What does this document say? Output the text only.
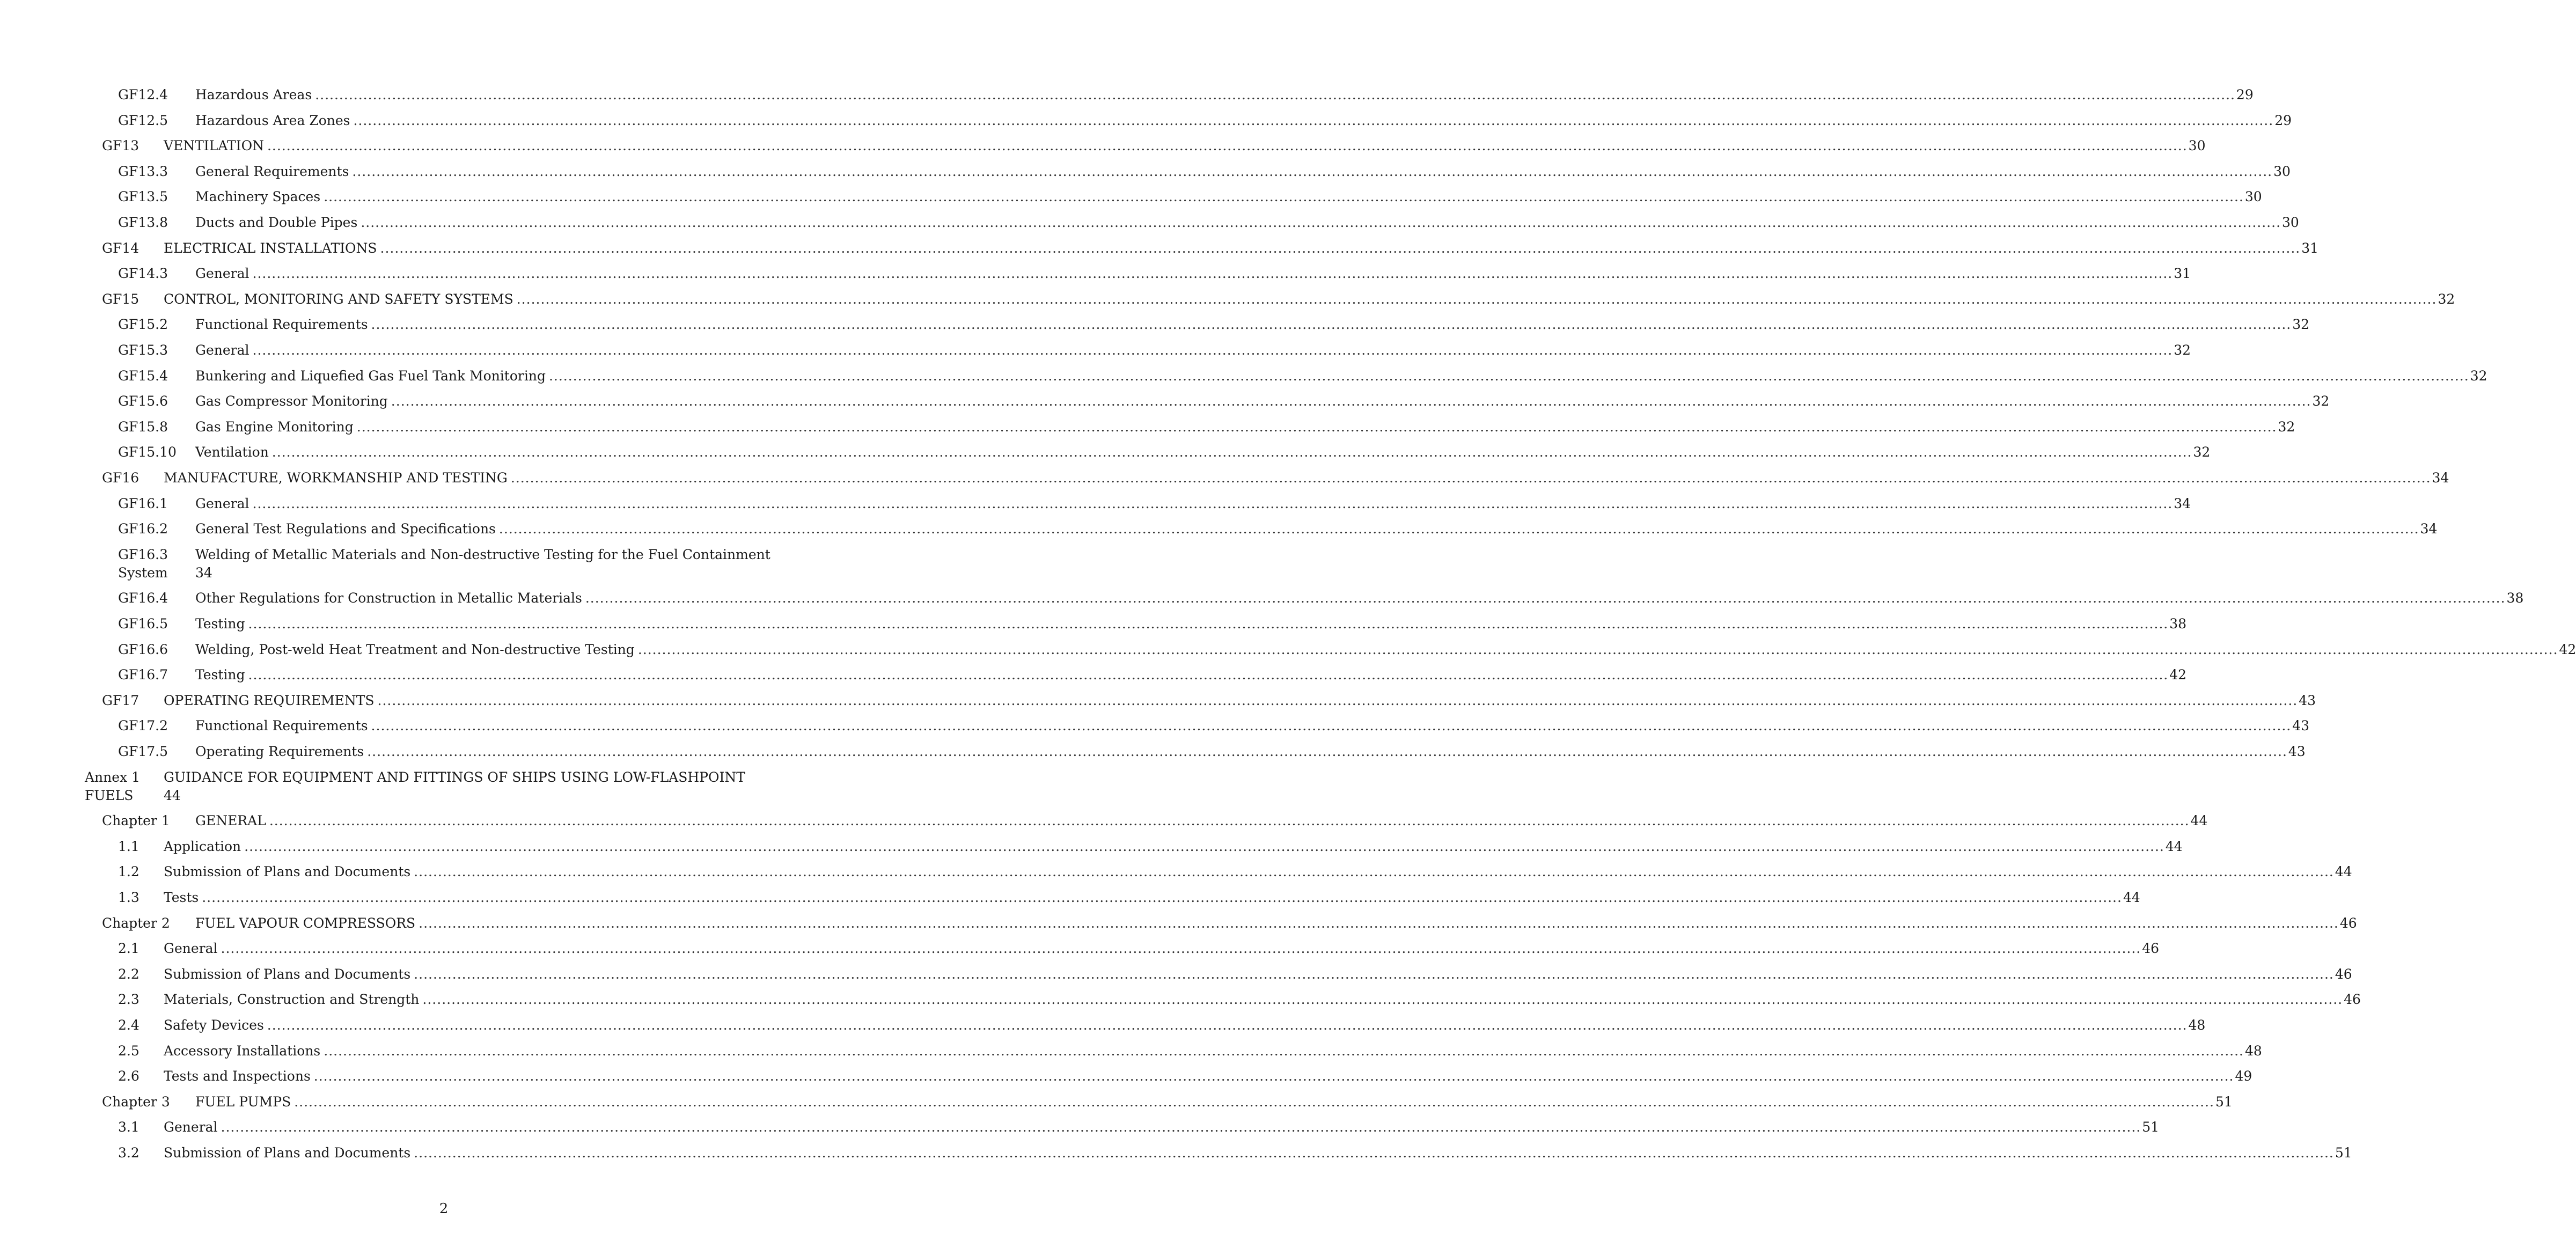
GF12.4 Hazardous Areas ................................................................................................................................................................................................................................................................................................................................................................................................................ 29
GF12.5 Hazardous Area Zones ................................................................................................................................................................................................................................................................................................................................................................................................................ 29
GF13 VENTILATION ................................................................................................................................................................................................................................................................................................................................................................................................................ 30
GF13.3 General Requirements ................................................................................................................................................................................................................................................................................................................................................................................................................ 30
GF13.5 Machinery Spaces ................................................................................................................................................................................................................................................................................................................................................................................................................ 30
GF13.8 Ducts and Double Pipes ................................................................................................................................................................................................................................................................................................................................................................................................................ 30
GF14 ELECTRICAL INSTALLATIONS ................................................................................................................................................................................................................................................................................................................................................................................................................ 31
GF14.3 General ................................................................................................................................................................................................................................................................................................................................................................................................................ 31
GF15 CONTROL, MONITORING AND SAFETY SYSTEMS ................................................................................................................................................................................................................................................................................................................................................................................................................ 32
GF15.2 Functional Requirements ................................................................................................................................................................................................................................................................................................................................................................................................................ 32
GF15.3 General ................................................................................................................................................................................................................................................................................................................................................................................................................ 32
GF15.4 Bunkering and Liquefied Gas Fuel Tank Monitoring ................................................................................................................................................................................................................................................................................................................................................................................................................ 32
GF15.6 Gas Compressor Monitoring ................................................................................................................................................................................................................................................................................................................................................................................................................ 32
GF15.8 Gas Engine Monitoring ................................................................................................................................................................................................................................................................................................................................................................................................................ 32
GF15.10 Ventilation ................................................................................................................................................................................................................................................................................................................................................................................................................ 32
GF16 MANUFACTURE, WORKMANSHIP AND TESTING ................................................................................................................................................................................................................................................................................................................................................................................................................ 34
GF16.1 General ................................................................................................................................................................................................................................................................................................................................................................................................................ 34
GF16.2 General Test Regulations and Specifications ................................................................................................................................................................................................................................................................................................................................................................................................................ 34
GF16.3 Welding of Metallic Materials and Non-destructive Testing for the Fuel Containment
System 34
GF16.4 Other Regulations for Construction in Metallic Materials ................................................................................................................................................................................................................................................................................................................................................................................................................ 38
GF16.5 Testing ................................................................................................................................................................................................................................................................................................................................................................................................................ 38
GF16.6 Welding, Post-weld Heat Treatment and Non-destructive Testing ................................................................................................................................................................................................................................................................................................................................................................................................................ 42
GF16.7 Testing ................................................................................................................................................................................................................................................................................................................................................................................................................ 42
GF17 OPERATING REQUIREMENTS ................................................................................................................................................................................................................................................................................................................................................................................................................ 43
GF17.2 Functional Requirements ................................................................................................................................................................................................................................................................................................................................................................................................................ 43
GF17.5 Operating Requirements ................................................................................................................................................................................................................................................................................................................................................................................................................ 43
Annex 1 GUIDANCE FOR EQUIPMENT AND FITTINGS OF SHIPS USING LOW-FLASHPOINT
FUELS 44
Chapter 1 GENERAL ................................................................................................................................................................................................................................................................................................................................................................................................................ 44
1.1 Application ................................................................................................................................................................................................................................................................................................................................................................................................................ 44
1.2 Submission of Plans and Documents ................................................................................................................................................................................................................................................................................................................................................................................................................ 44
1.3 Tests ................................................................................................................................................................................................................................................................................................................................................................................................................ 44
Chapter 2 FUEL VAPOUR COMPRESSORS ................................................................................................................................................................................................................................................................................................................................................................................................................ 46
2.1 General ................................................................................................................................................................................................................................................................................................................................................................................................................ 46
2.2 Submission of Plans and Documents ................................................................................................................................................................................................................................................................................................................................................................................................................ 46
2.3 Materials, Construction and Strength ................................................................................................................................................................................................................................................................................................................................................................................................................ 46
2.4 Safety Devices ................................................................................................................................................................................................................................................................................................................................................................................................................ 48
2.5 Accessory Installations ................................................................................................................................................................................................................................................................................................................................................................................................................ 48
2.6 Tests and Inspections ................................................................................................................................................................................................................................................................................................................................................................................................................ 49
Chapter 3 FUEL PUMPS ................................................................................................................................................................................................................................................................................................................................................................................................................ 51
3.1 General ................................................................................................................................................................................................................................................................................................................................................................................................................ 51
3.2 Submission of Plans and Documents ................................................................................................................................................................................................................................................................................................................................................................................................................ 51
2
